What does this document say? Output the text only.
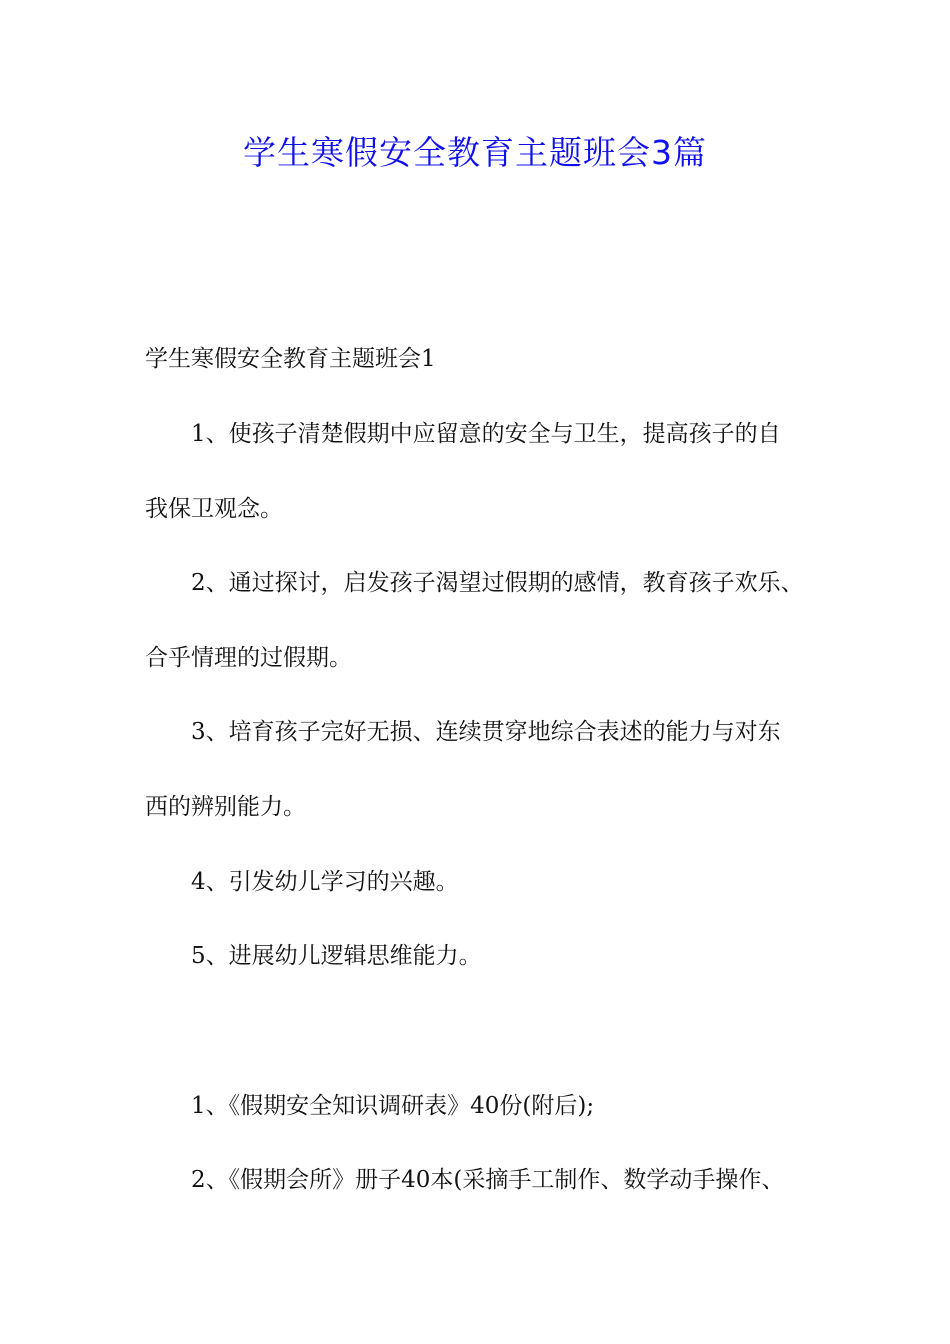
学生寒假安全教育主题班会3篇
学生寒假安全教育主题班会1
1、使孩子清楚假期中应留意的安全与卫生，提高孩子的自
我保卫观念。
2、通过探讨，启发孩子渴望过假期的感情，教育孩子欢乐、
合乎情理的过假期。
3、培育孩子完好无损、连续贯穿地综合表述的能力与对东
西的辨别能力。
4、引发幼儿学习的兴趣。
5、进展幼儿逻辑思维能力。
1、《假期安全知识调研表》40份(附后);
2、《假期会所》册子40本(采摘手工制作、数学动手操作、
